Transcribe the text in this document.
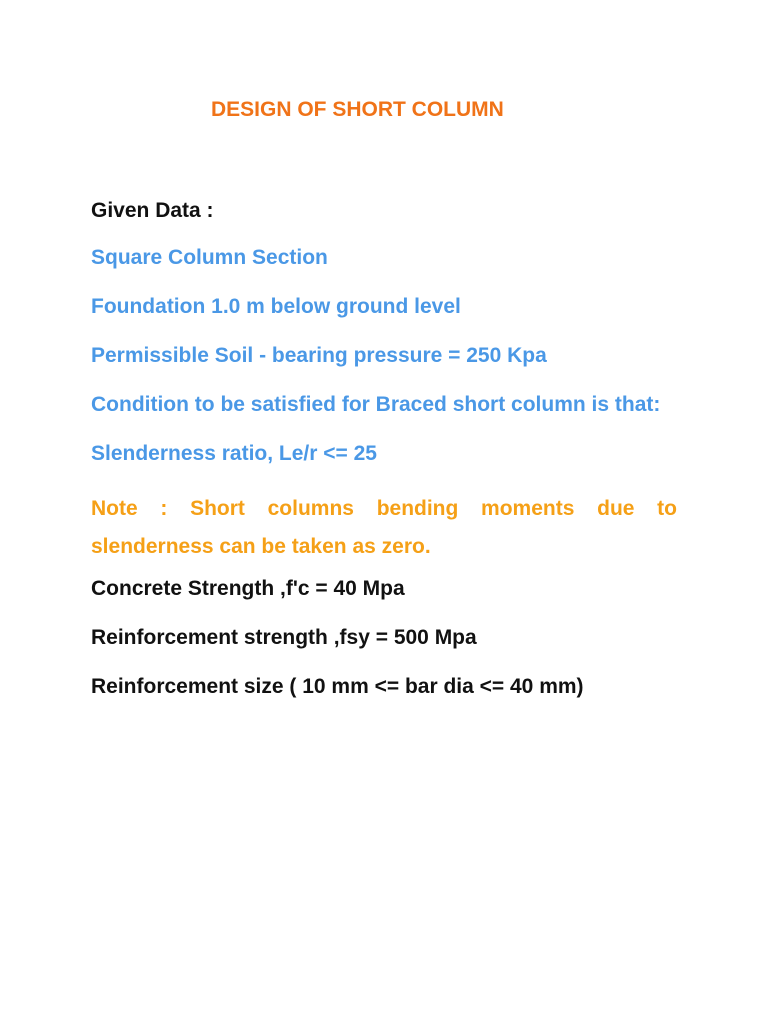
DESIGN OF SHORT COLUMN
Given Data :
Square Column Section
Foundation 1.0 m below ground level
Permissible Soil - bearing pressure = 250 Kpa
Condition to be satisfied for Braced short column is that:
Slenderness ratio, Le/r <= 25
Note : Short columns bending moments due to
slenderness can be taken as zero.
Concrete Strength ,f'c = 40 Mpa
Reinforcement strength ,fsy = 500 Mpa
Reinforcement size ( 10 mm <= bar dia <= 40 mm)
